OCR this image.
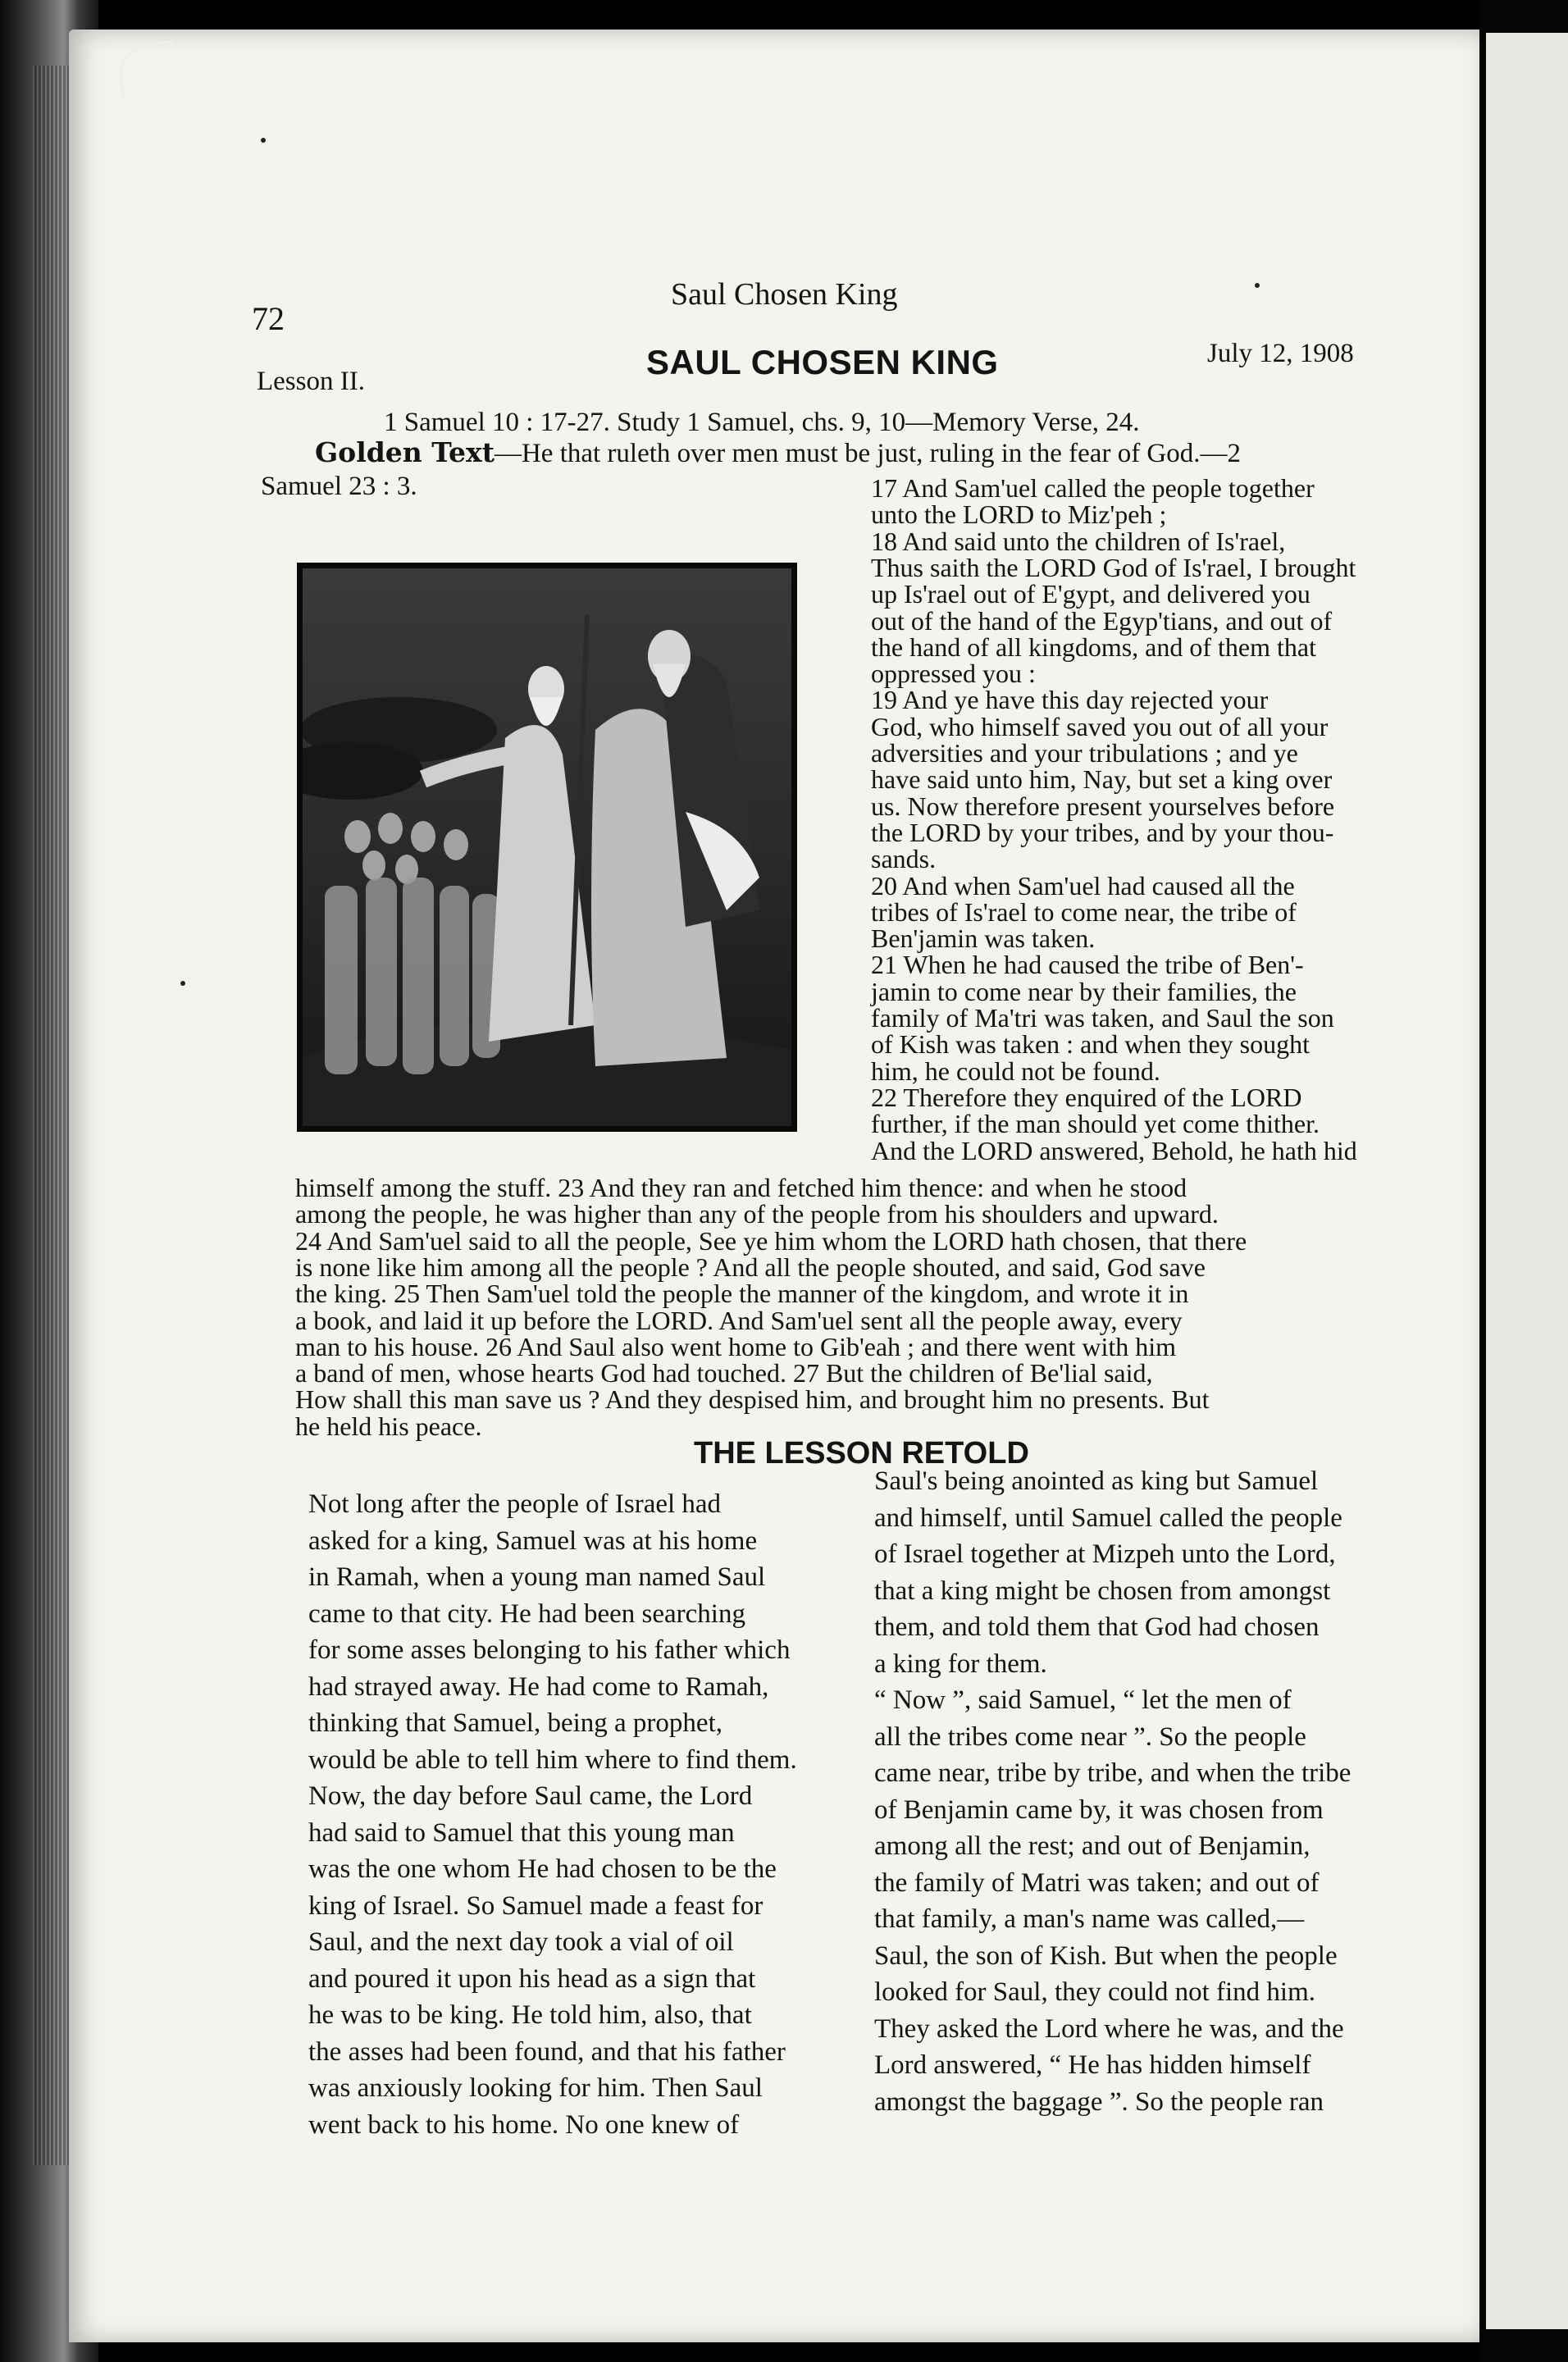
Saul Chosen King
72
Lesson II.	SAUL CHOSEN KING	July 12, 1908
1 Samuel 10 : 17-27. Study 1 Samuel, chs. 9, 10—Memory Verse, 24.
Golden Text—He that ruleth over men must be just, ruling in the fear of God.—2
Samuel 23 : 3.	17 And Sam'uel called the people together
unto the LORD to Miz'peh ;
18 And said unto the children of Is'rael,
Thus saith the LORD God of Is'rael, I brought
up Is'rael out of E'gypt, and delivered you
out of the hand of the Egyp'tians, and out of
the hand of all kingdoms, and of them that
oppressed you :
19 And ye have this day rejected your
God, who himself saved you out of all your
adversities and your tribulations ; and ye
have said unto him, Nay, but set a king over
us. Now therefore present yourselves before
the LORD by your tribes, and by your thou-
sands.
20 And when Sam'uel had caused all the
tribes of Is'rael to come near, the tribe of
Ben'jamin was taken.
21 When he had caused the tribe of Ben'-
jamin to come near by their families, the
family of Ma'tri was taken, and Saul the son
of Kish was taken : and when they sought
him, he could not be found.
22 Therefore they enquired of the LORD
further, if the man should yet come thither.
And the LORD answered, Behold, he hath hid
himself among the stuff. 23 And they ran and fetched him thence: and when he stood
among the people, he was higher than any of the people from his shoulders and upward.
24 And Sam'uel said to all the people, See ye him whom the LORD hath chosen, that there
is none like him among all the people ? And all the people shouted, and said, God save
the king. 25 Then Sam'uel told the people the manner of the kingdom, and wrote it in
a book, and laid it up before the LORD. And Sam'uel sent all the people away, every
man to his house. 26 And Saul also went home to Gib'eah ; and there went with him
a band of men, whose hearts God had touched. 27 But the children of Be'lial said,
How shall this man save us ? And they despised him, and brought him no presents. But
he held his peace.
THE LESSON RETOLD
Not long after the people of Israel had
asked for a king, Samuel was at his home
in Ramah, when a young man named Saul
came to that city. He had been searching
for some asses belonging to his father which
had strayed away. He had come to Ramah,
thinking that Samuel, being a prophet,
would be able to tell him where to find them.
Now, the day before Saul came, the Lord
had said to Samuel that this young man
was the one whom He had chosen to be the
king of Israel. So Samuel made a feast for
Saul, and the next day took a vial of oil
and poured it upon his head as a sign that
he was to be king. He told him, also, that
the asses had been found, and that his father
was anxiously looking for him. Then Saul
went back to his home. No one knew of
Saul's being anointed as king but Samuel
and himself, until Samuel called the people
of Israel together at Mizpeh unto the Lord,
that a king might be chosen from amongst
them, and told them that God had chosen
a king for them.
“ Now ”, said Samuel, “ let the men of
all the tribes come near ”. So the people
came near, tribe by tribe, and when the tribe
of Benjamin came by, it was chosen from
among all the rest; and out of Benjamin,
the family of Matri was taken; and out of
that family, a man's name was called,—
Saul, the son of Kish. But when the people
looked for Saul, they could not find him.
They asked the Lord where he was, and the
Lord answered, “ He has hidden himself
amongst the baggage ”. So the people ran
